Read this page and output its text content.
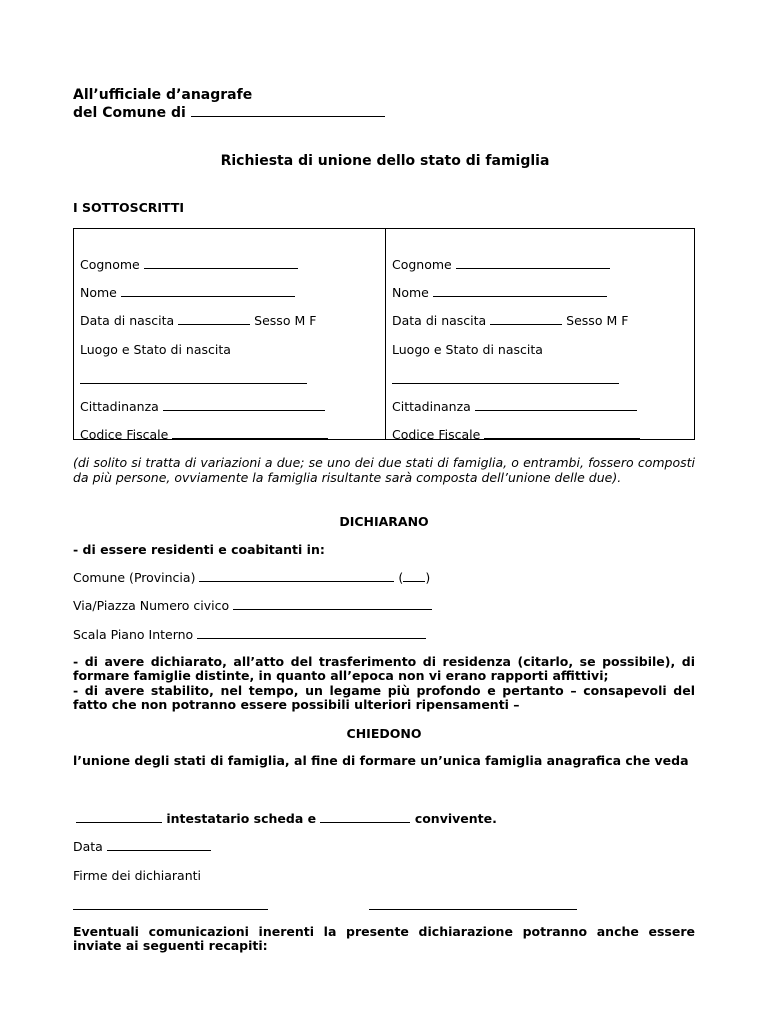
All’ufficiale d’anagrafe
del Comune di
Richiesta di unione dello stato di famiglia
I SOTTOSCRITTI
Cognome
Nome
Data di nascita	Sesso M F
Luogo e Stato di nascita
Cittadinanza
Codice Fiscale
Cognome
Nome
Data di nascita	Sesso M F
Luogo e Stato di nascita
Cittadinanza
Codice Fiscale
(di solito si tratta di variazioni a due; se uno dei due stati di famiglia, o entrambi, fossero composti da più persone, ovviamente la famiglia risultante sarà composta dell’unione delle due).
DICHIARANO
- di essere residenti e coabitanti in:
Comune (Provincia)	( )
Via/Piazza Numero civico
Scala Piano Interno
- di avere dichiarato, all’atto del trasferimento di residenza (citarlo, se possibile), di formare famiglie distinte, in quanto all’epoca non vi erano rapporti affittivi;
- di avere stabilito, nel tempo, un legame più profondo e pertanto – consapevoli del fatto che non potranno essere possibili ulteriori ripensamenti –
CHIEDONO
l’unione degli stati di famiglia, al fine di formare un’unica famiglia anagrafica che veda
intestatario scheda e	convivente.
Data
Firme dei dichiaranti
Eventuali comunicazioni inerenti la presente dichiarazione potranno anche essere inviate ai seguenti recapiti:
